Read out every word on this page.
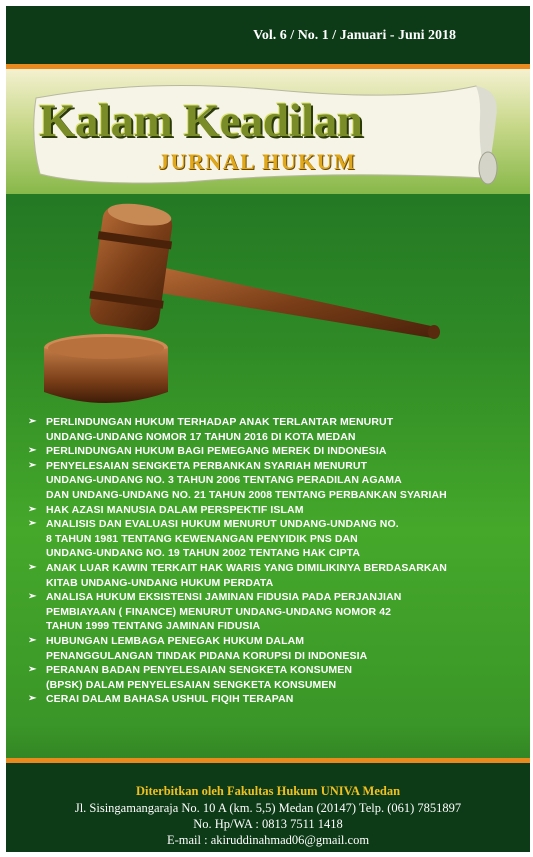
Vol. 6 / No. 1 / Januari - Juni 2018
Kalam Keadilan
JURNAL HUKUM
➢ PERLINDUNGAN HUKUM TERHADAP ANAK TERLANTAR MENURUT
UNDANG-UNDANG NOMOR 17 TAHUN 2016 DI KOTA MEDAN
➢ PERLINDUNGAN HUKUM BAGI PEMEGANG MEREK DI INDONESIA
➢ PENYELESAIAN SENGKETA PERBANKAN SYARIAH MENURUT
UNDANG-UNDANG NO. 3 TAHUN 2006 TENTANG PERADILAN AGAMA
DAN UNDANG-UNDANG NO. 21 TAHUN 2008 TENTANG PERBANKAN SYARIAH
➢ HAK AZASI MANUSIA DALAM PERSPEKTIF ISLAM
➢ ANALISIS DAN EVALUASI HUKUM MENURUT UNDANG-UNDANG NO.
8 TAHUN 1981 TENTANG KEWENANGAN PENYIDIK PNS DAN
UNDANG-UNDANG NO. 19 TAHUN 2002 TENTANG HAK CIPTA
➢ ANAK LUAR KAWIN TERKAIT HAK WARIS YANG DIMILIKINYA BERDASARKAN
KITAB UNDANG-UNDANG HUKUM PERDATA
➢ ANALISA HUKUM EKSISTENSI JAMINAN FIDUSIA PADA PERJANJIAN
PEMBIAYAAN ( FINANCE) MENURUT UNDANG-UNDANG NOMOR 42
TAHUN 1999 TENTANG JAMINAN FIDUSIA
➢ HUBUNGAN LEMBAGA PENEGAK HUKUM DALAM
PENANGGULANGAN TINDAK PIDANA KORUPSI DI INDONESIA
➢ PERANAN BADAN PENYELESAIAN SENGKETA KONSUMEN
(BPSK) DALAM PENYELESAIAN SENGKETA KONSUMEN
➢ CERAI DALAM BAHASA USHUL FIQIH TERAPAN
Diterbitkan oleh Fakultas Hukum UNIVA Medan
Jl. Sisingamangaraja No. 10 A (km. 5,5) Medan (20147) Telp. (061) 7851897
No. Hp/WA : 0813 7511 1418
E-mail : akiruddinahmad06@gmail.com
